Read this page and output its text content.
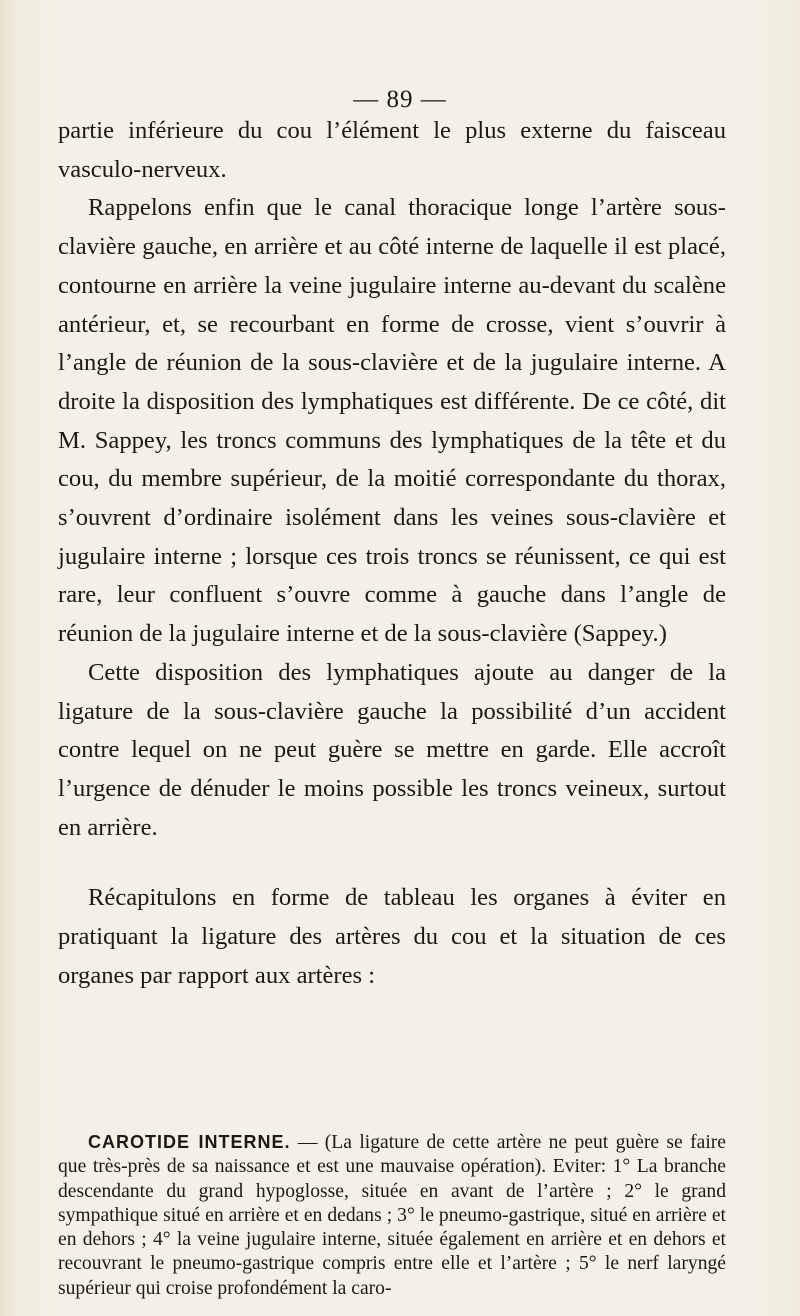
— 89 —

partie inférieure du cou l’élément le plus externe du faisceau vasculo-nerveux.

Rappelons enfin que le canal thoracique longe l’artère sous-clavière gauche, en arrière et au côté interne de laquelle il est placé, contourne en arrière la veine jugulaire interne au-devant du scalène antérieur, et, se recourbant en forme de crosse, vient s’ouvrir à l’angle de réunion de la sous-clavière et de la jugulaire interne. A droite la disposition des lymphatiques est différente. De ce côté, dit M. Sappey, les troncs communs des lymphatiques de la tête et du cou, du membre supérieur, de la moitié correspondante du thorax, s’ouvrent d’ordinaire isolément dans les veines sous-clavière et jugulaire interne ; lorsque ces trois troncs se réunissent, ce qui est rare, leur confluent s’ouvre comme à gauche dans l’angle de réunion de la jugulaire interne et de la sous-clavière (Sappey.)

Cette disposition des lymphatiques ajoute au danger de la ligature de la sous-clavière gauche la possibilité d’un accident contre lequel on ne peut guère se mettre en garde. Elle accroît l’urgence de dénuder le moins possible les troncs veineux, surtout en arrière.

Récapitulons en forme de tableau les organes à éviter en pratiquant la ligature des artères du cou et la situation de ces organes par rapport aux artères :

CAROTIDE INTERNE. — (La ligature de cette artère ne peut guère se faire que très-près de sa naissance et est une mauvaise opération). Eviter: 1° La branche descendante du grand hypoglosse, située en avant de l’artère ; 2° le grand sympathique situé en arrière et en dedans ; 3° le pneumo-gastrique, situé en arrière et en dehors ; 4° la veine jugulaire interne, située également en arrière et en dehors et recouvrant le pneumo-gastrique compris entre elle et l’artère ; 5° le nerf laryngé supérieur qui croise profondément la caro-
